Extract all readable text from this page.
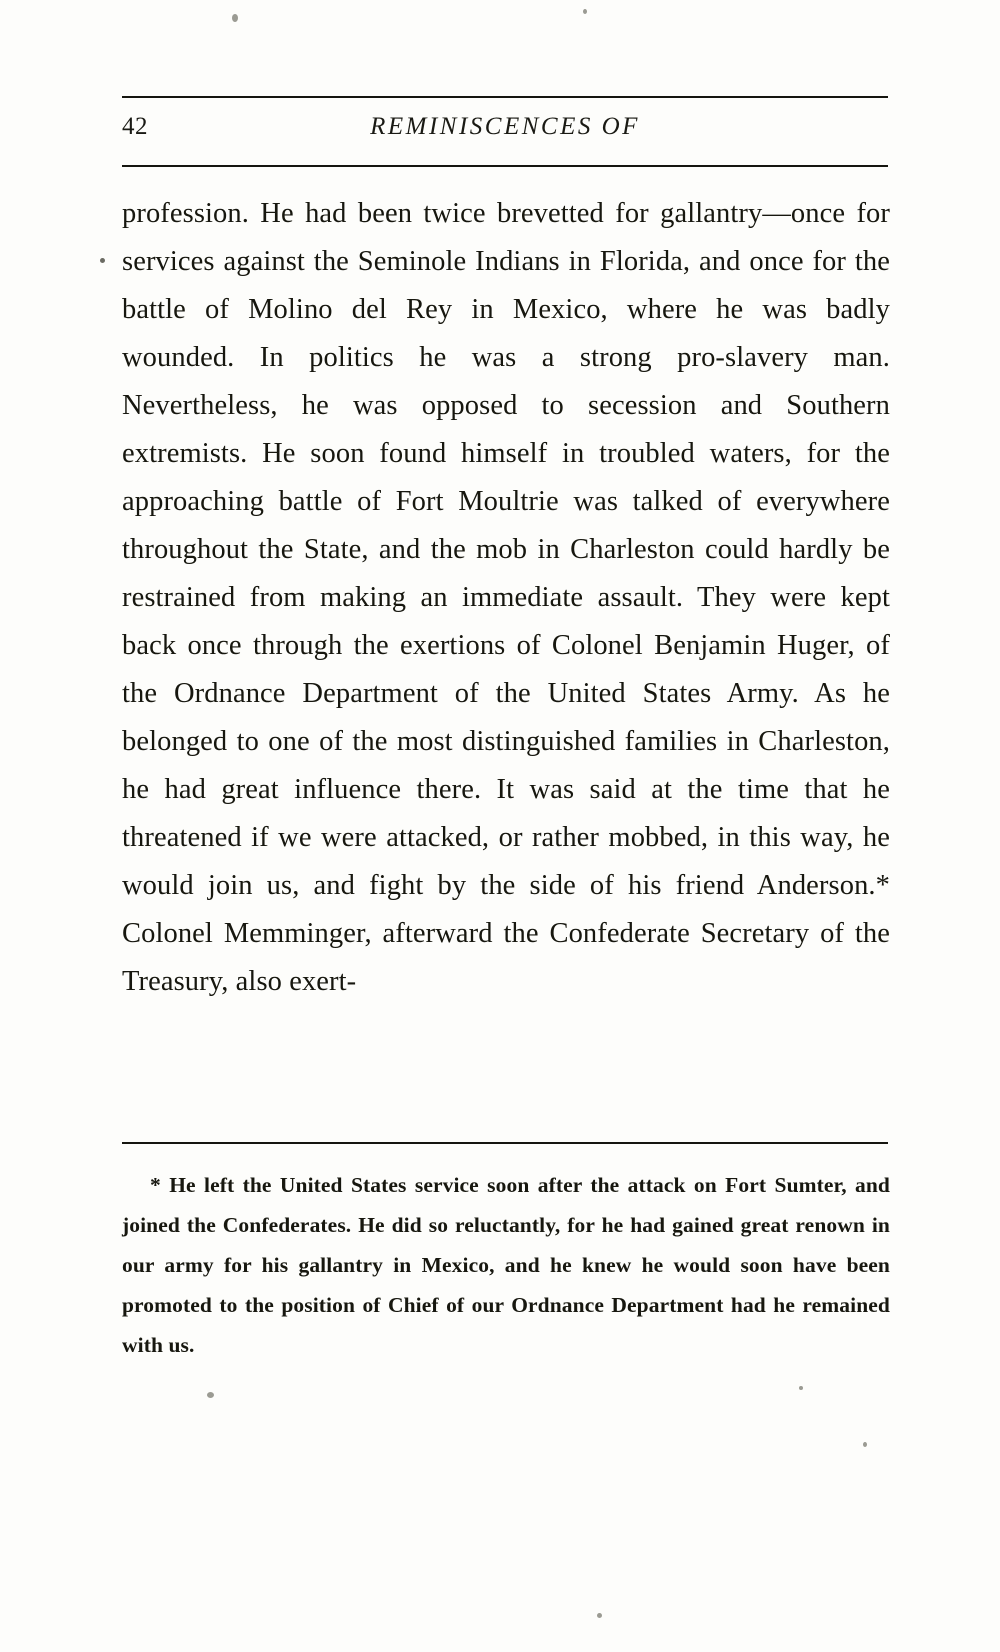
42	REMINISCENCES OF

profession. He had been twice brevetted for gallantry—once for services against the Seminole Indians in Florida, and once for the battle of Molino del Rey in Mexico, where he was badly wounded. In politics he was a strong pro-slavery man. Nevertheless, he was opposed to secession and Southern extremists. He soon found himself in troubled waters, for the approaching battle of Fort Moultrie was talked of everywhere throughout the State, and the mob in Charleston could hardly be restrained from making an immediate assault. They were kept back once through the exertions of Colonel Benjamin Huger, of the Ordnance Department of the United States Army. As he belonged to one of the most distinguished families in Charleston, he had great influence there. It was said at the time that he threatened if we were attacked, or rather mobbed, in this way, he would join us, and fight by the side of his friend Anderson.* Colonel Memminger, afterward the Confederate Secretary of the Treasury, also exert-

* He left the United States service soon after the attack on Fort Sumter, and joined the Confederates. He did so reluctantly, for he had gained great renown in our army for his gallantry in Mexico, and he knew he would soon have been promoted to the position of Chief of our Ordnance Department had he remained with us.
